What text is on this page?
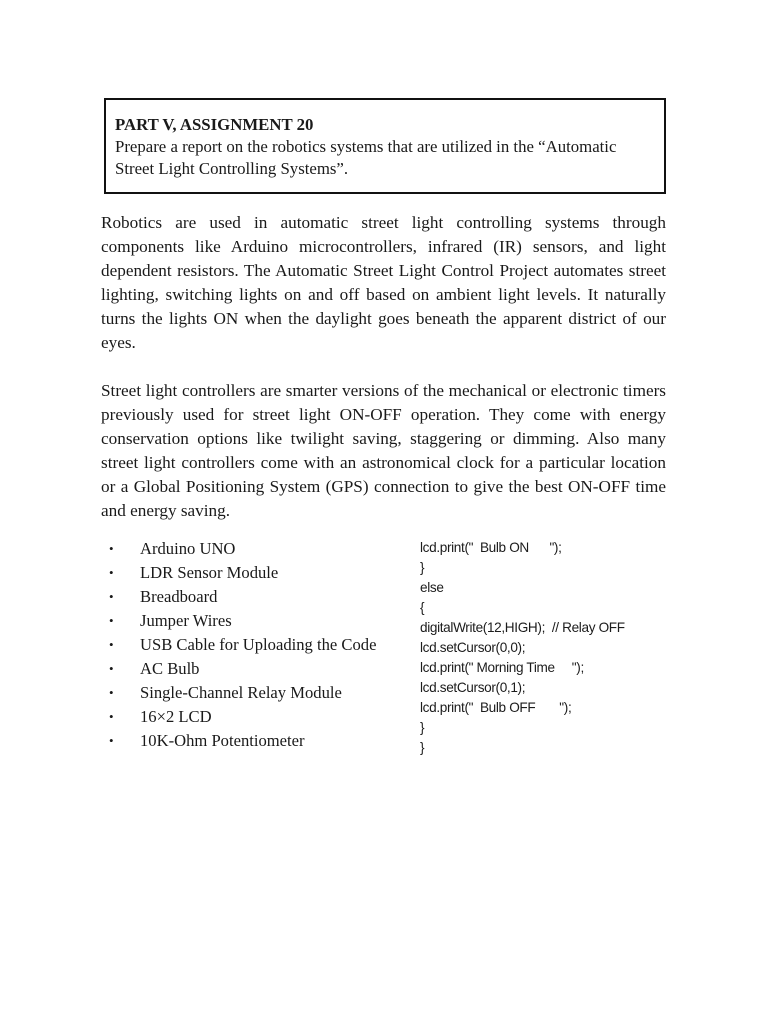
PART V, ASSIGNMENT 20

Prepare a report on the robotics systems that are utilized in the “Automatic Street Light Controlling Systems”.

Robotics are used in automatic street light controlling systems through components like Arduino microcontrollers, infrared (IR) sensors, and light dependent resistors. The Automatic Street Light Control Project automates street lighting, switching lights on and off based on ambient light levels. It naturally turns the lights ON when the daylight goes beneath the apparent district of our eyes.

Street light controllers are smarter versions of the mechanical or electronic timers previously used for street light ON-OFF operation. They come with energy conservation options like twilight saving, staggering or dimming. Also many street light controllers come with an astronomical clock for a particular location or a Global Positioning System (GPS) connection to give the best ON-OFF time and energy saving.

•	Arduino UNO
•	LDR Sensor Module
•	Breadboard
•	Jumper Wires
•	USB Cable for Uploading the Code
•	AC Bulb
•	Single-Channel Relay Module
•	16×2 LCD
•	10K-Ohm Potentiometer
lcd.print("  Bulb ON      ");
}
else
{
digitalWrite(12,HIGH);  // Relay OFF
lcd.setCursor(0,0);
lcd.print(" Morning Time     ");
lcd.setCursor(0,1);
lcd.print("  Bulb OFF       ");
}
}
